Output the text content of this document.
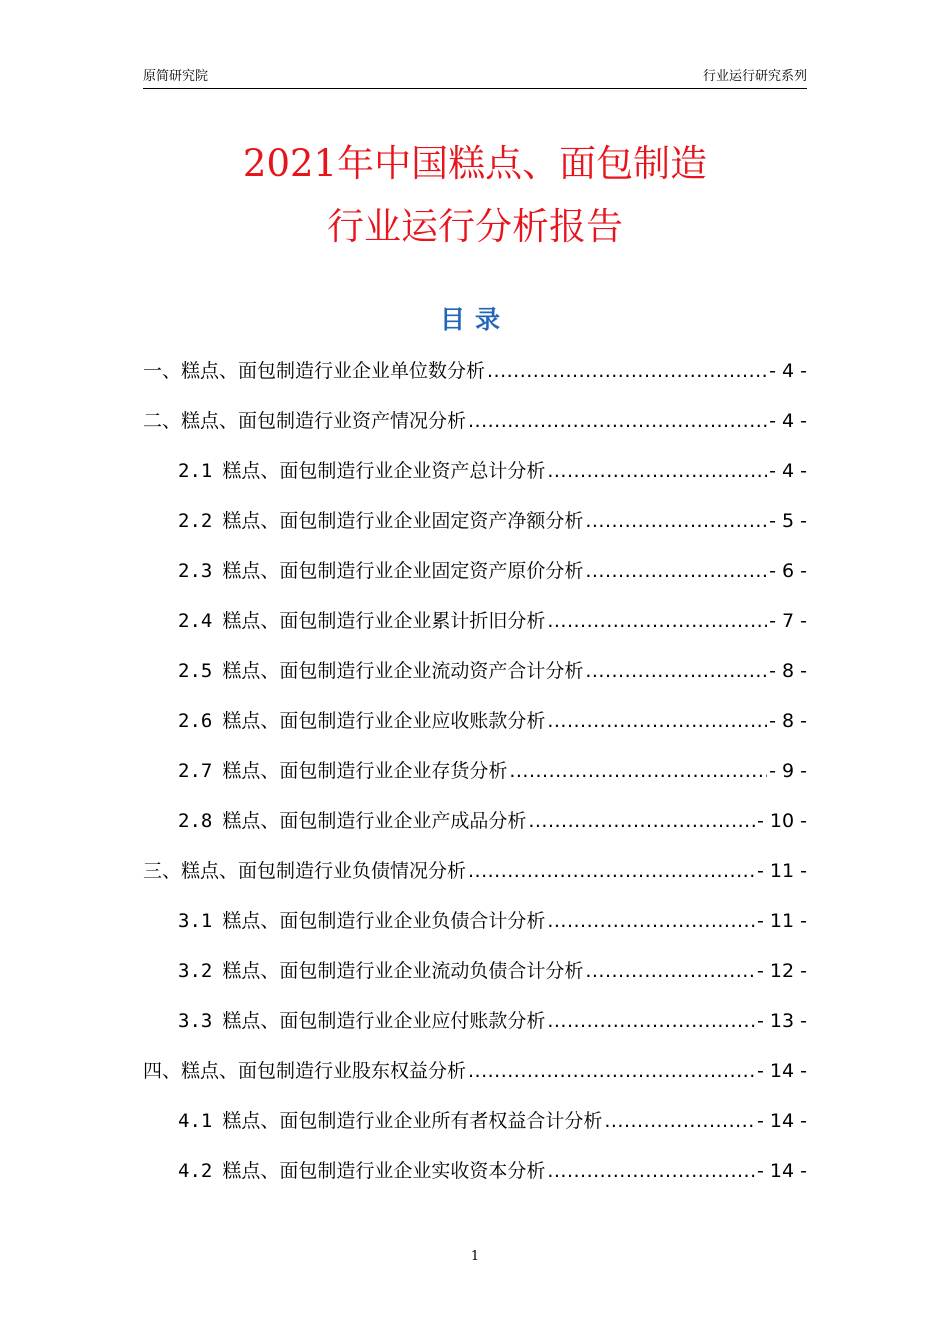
原简研究院	行业运行研究系列
2021年中国糕点、面包制造
行业运行分析报告
目录
一、糕点、面包制造行业企业单位数分析 .....	- 4 -
二、糕点、面包制造行业资产情况分析 .....	- 4 -
2.1 糕点、面包制造行业企业资产总计分析 .....	- 4 -
2.2 糕点、面包制造行业企业固定资产净额分析 .....	- 5 -
2.3 糕点、面包制造行业企业固定资产原价分析 .....	- 6 -
2.4 糕点、面包制造行业企业累计折旧分析 .....	- 7 -
2.5 糕点、面包制造行业企业流动资产合计分析 .....	- 8 -
2.6 糕点、面包制造行业企业应收账款分析 .....	- 8 -
2.7 糕点、面包制造行业企业存货分析 .....	- 9 -
2.8 糕点、面包制造行业企业产成品分析 .....	- 10 -
三、糕点、面包制造行业负债情况分析 .....	- 11 -
3.1 糕点、面包制造行业企业负债合计分析 .....	- 11 -
3.2 糕点、面包制造行业企业流动负债合计分析 .....	- 12 -
3.3 糕点、面包制造行业企业应付账款分析 .....	- 13 -
四、糕点、面包制造行业股东权益分析 .....	- 14 -
4.1 糕点、面包制造行业企业所有者权益合计分析 .....	- 14 -
4.2 糕点、面包制造行业企业实收资本分析 .....	- 14 -
1
